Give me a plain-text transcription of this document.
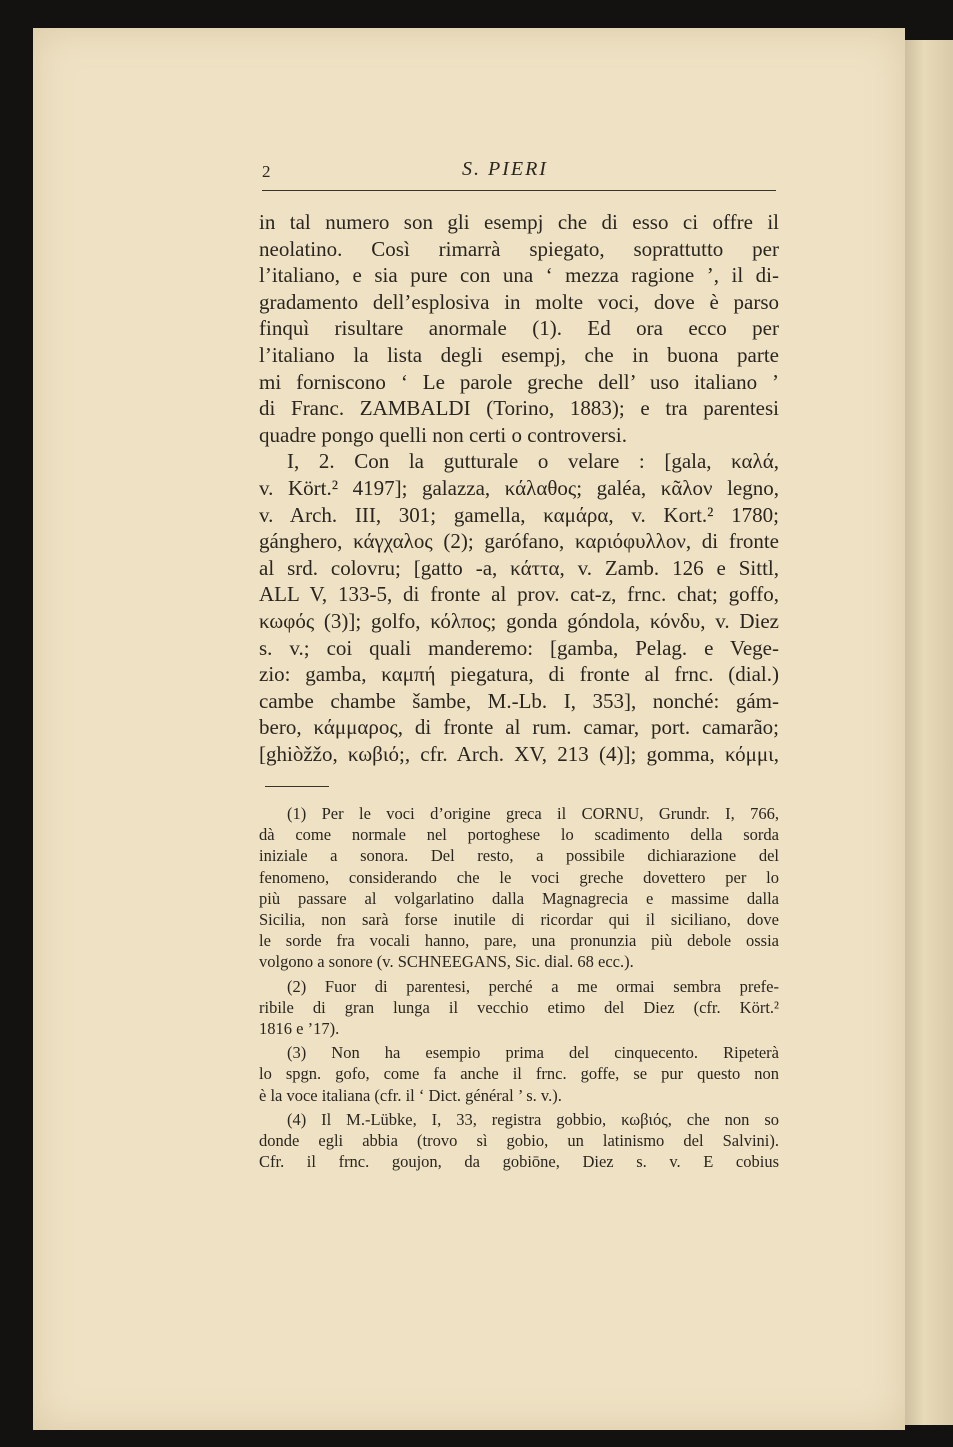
2	S. PIERI
in tal numero son gli esempj che di esso ci offre il
neolatino. Così rimarrà spiegato, soprattutto per
l’italiano, e sia pure con una ‘ mezza ragione ’, il di-
gradamento dell’esplosiva in molte voci, dove è parso
finquì risultare anormale (1). Ed ora ecco per
l’italiano la lista degli esempj, che in buona parte
mi forniscono ‘ Le parole greche dell’ uso italiano ’
di Franc. ZAMBALDI (Torino, 1883); e tra parentesi
quadre pongo quelli non certi o controversi.
I, 2. Con la gutturale o velare : [gala, καλά,
v. Kört.² 4197]; galazza, κάλαθος; galéa, κᾶλον legno,
v. Arch. III, 301; gamella, καμάρα, v. Kort.² 1780;
gánghero, κάγχαλος (2); garófano, καριόφυλλον, di fronte
al srd. colovru; [gatto -a, κάττα, v. Zamb. 126 e Sittl,
ALL V, 133-5, di fronte al prov. cat-z, frnc. chat; goffo,
κωφός (3)]; golfo, κόλπος; gonda góndola, κόνδυ, v. Diez
s. v.; coi quali manderemo: [gamba, Pelag. e Vege-
zio: gamba, καμπή piegatura, di fronte al frnc. (dial.)
cambe chambe šambe, M.-Lb. I, 353], nonché: gám-
bero, κάμμαρος, di fronte al rum. camar, port. camarão;
[ghiòžžo, κωβιό;, cfr. Arch. XV, 213 (4)]; gomma, κόμμι,
(1) Per le voci d’origine greca il CORNU, Grundr. I, 766,
dà come normale nel portoghese lo scadimento della sorda
iniziale a sonora. Del resto, a possibile dichiarazione del
fenomeno, considerando che le voci greche dovettero per lo
più passare al volgarlatino dalla Magnagrecia e massime dalla
Sicilia, non sarà forse inutile di ricordar qui il siciliano, dove
le sorde fra vocali hanno, pare, una pronunzia più debole ossia
volgono a sonore (v. SCHNEEGANS, Sic. dial. 68 ecc.).
(2) Fuor di parentesi, perché a me ormai sembra prefe-
ribile di gran lunga il vecchio etimo del Diez (cfr. Kört.²
1816 e ’17).
(3) Non ha esempio prima del cinquecento. Ripeterà
lo spgn. gofo, come fa anche il frnc. goffe, se pur questo non
è la voce italiana (cfr. il ‘ Dict. général ’ s. v.).
(4) Il M.-Lübke, I, 33, registra gobbio, κωβιός, che non so
donde egli abbia (trovo sì gobio, un latinismo del Salvini).
Cfr. il frnc. goujon, da gobiōne, Diez s. v. E cobius
